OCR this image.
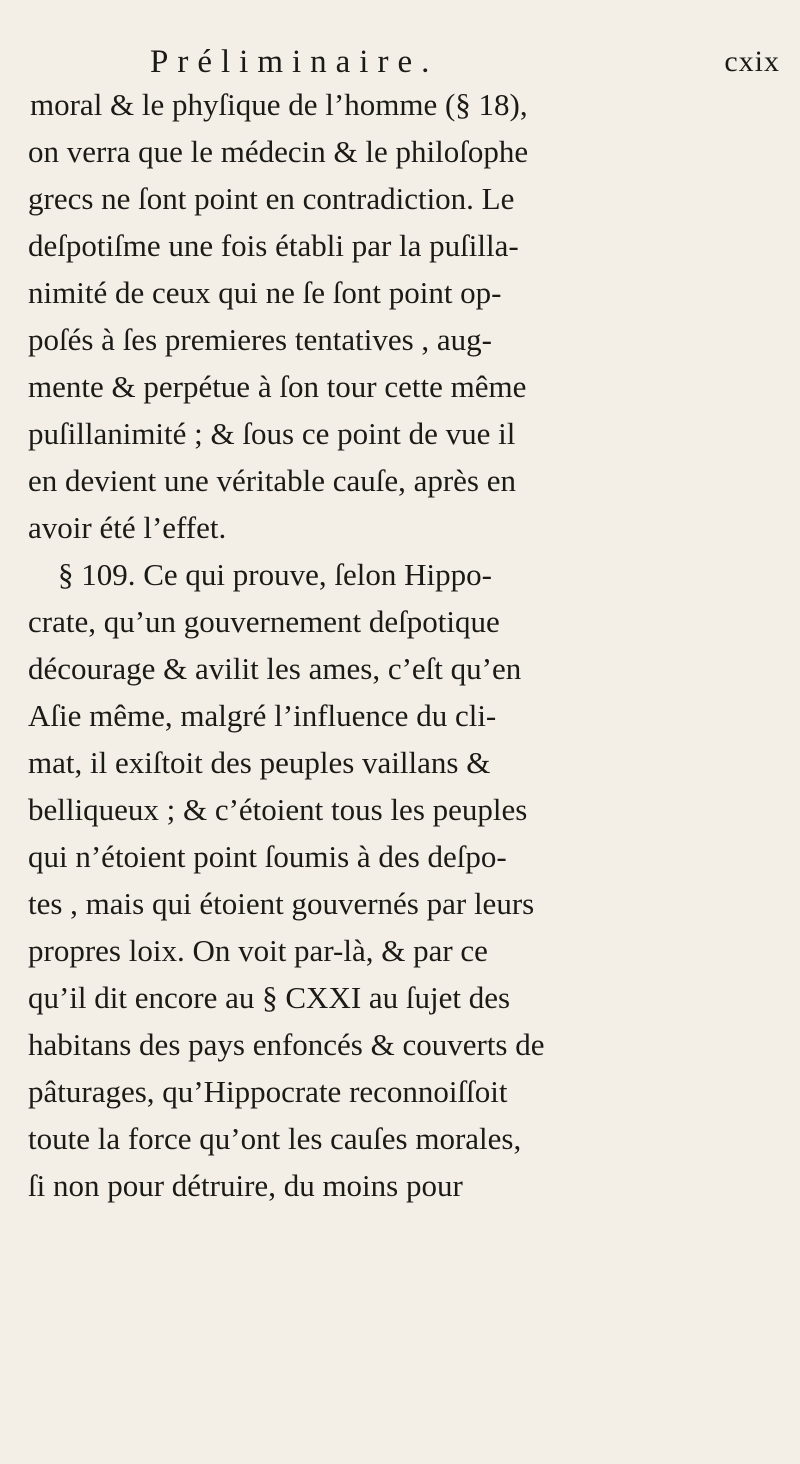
Préliminaire.	cxix
moral & le phyſique de l’homme (§ 18),
on verra que le médecin & le philoſophe
grecs ne ſont point en contradiction. Le
deſpotiſme une fois établi par la puſilla-
nimité de ceux qui ne ſe ſont point op-
poſés à ſes premieres tentatives , aug-
mente & perpétue à ſon tour cette même
puſillanimité ; & ſous ce point de vue il
en devient une véritable cauſe, après en
avoir été l’effet.
§ 109. Ce qui prouve, ſelon Hippo-
crate, qu’un gouvernement deſpotique
décourage & avilit les ames, c’eſt qu’en
Aſie même, malgré l’influence du cli-
mat, il exiſtoit des peuples vaillans &
belliqueux ; & c’étoient tous les peuples
qui n’étoient point ſoumis à des deſpo-
tes , mais qui étoient gouvernés par leurs
propres loix. On voit par-là, & par ce
qu’il dit encore au § CXXI au ſujet des
habitans des pays enfoncés & couverts de
pâturages, qu’Hippocrate reconnoiſſoit
toute la force qu’ont les cauſes morales,
ſi non pour détruire, du moins pour
